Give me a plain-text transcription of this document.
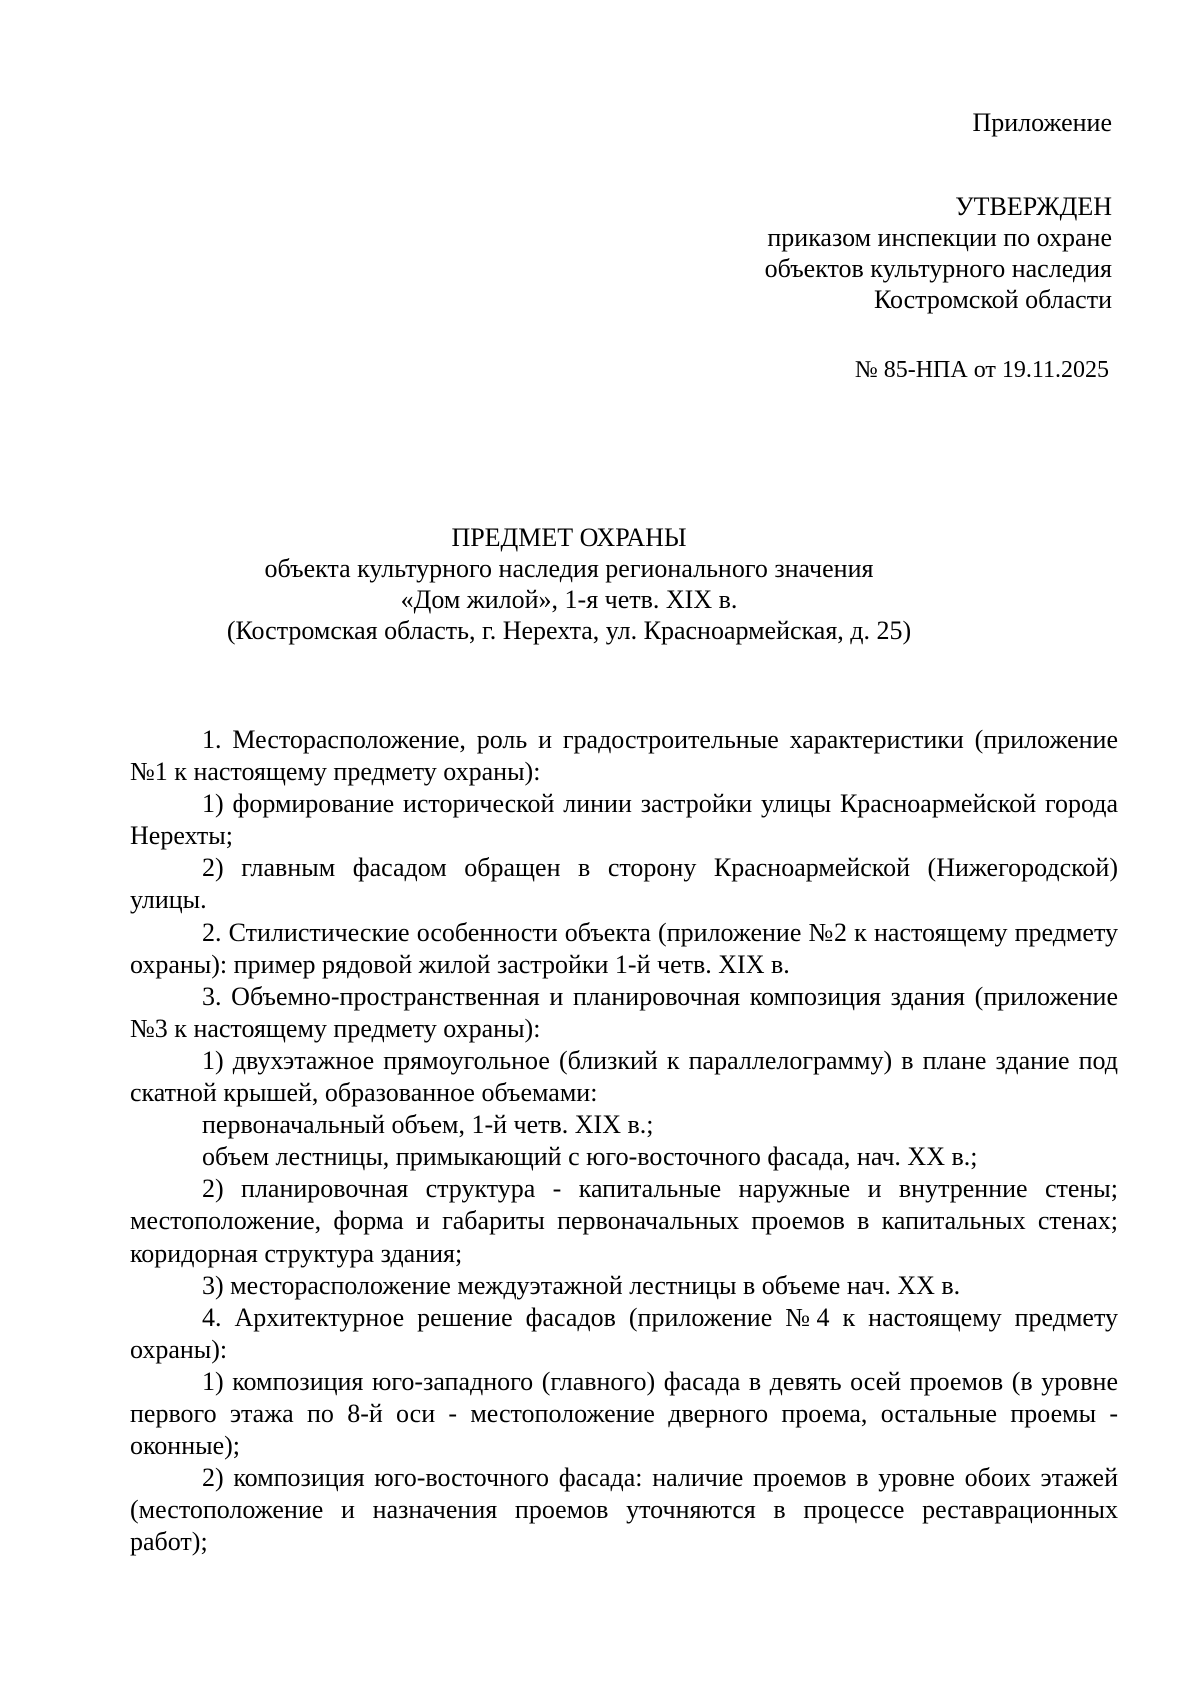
Приложение
УТВЕРЖДЕН
приказом инспекции по охране
объектов культурного наследия
Костромской области
№ 85-НПА от 19.11.2025
ПРЕДМЕТ ОХРАНЫ
объекта культурного наследия регионального значения
«Дом жилой», 1-я четв. XIX в.
(Костромская область, г. Нерехта, ул. Красноармейская, д. 25)

1. Месторасположение, роль и градостроительные характеристики (приложение №1 к настоящему предмету охраны):

1) формирование исторической линии застройки улицы Красноармейской города Нерехты;

2) главным фасадом обращен в сторону Красноармейской (Нижегородской) улицы.

2. Стилистические особенности объекта (приложение №2 к настоящему предмету охраны): пример рядовой жилой застройки 1-й четв. XIX в.

3. Объемно-пространственная и планировочная композиция здания (приложение №3 к настоящему предмету охраны):

1) двухэтажное прямоугольное (близкий к параллелограмму) в плане здание под скатной крышей, образованное объемами:

первоначальный объем, 1-й четв. XIX в.;

объем лестницы, примыкающий с юго-восточного фасада, нач. XX в.;

2) планировочная структура - капитальные наружные и внутренние стены; местоположение, форма и габариты первоначальных проемов в капитальных стенах; коридорная структура здания;

3) месторасположение междуэтажной лестницы в объеме нач. XX в.

4. Архитектурное решение фасадов (приложение №4 к настоящему предмету охраны):

1) композиция юго-западного (главного) фасада в девять осей проемов (в уровне первого этажа по 8-й оси - местоположение дверного проема, остальные проемы - оконные);

2) композиция юго-восточного фасада: наличие проемов в уровне обоих этажей (местоположение и назначения проемов уточняются в процессе реставрационных работ);
